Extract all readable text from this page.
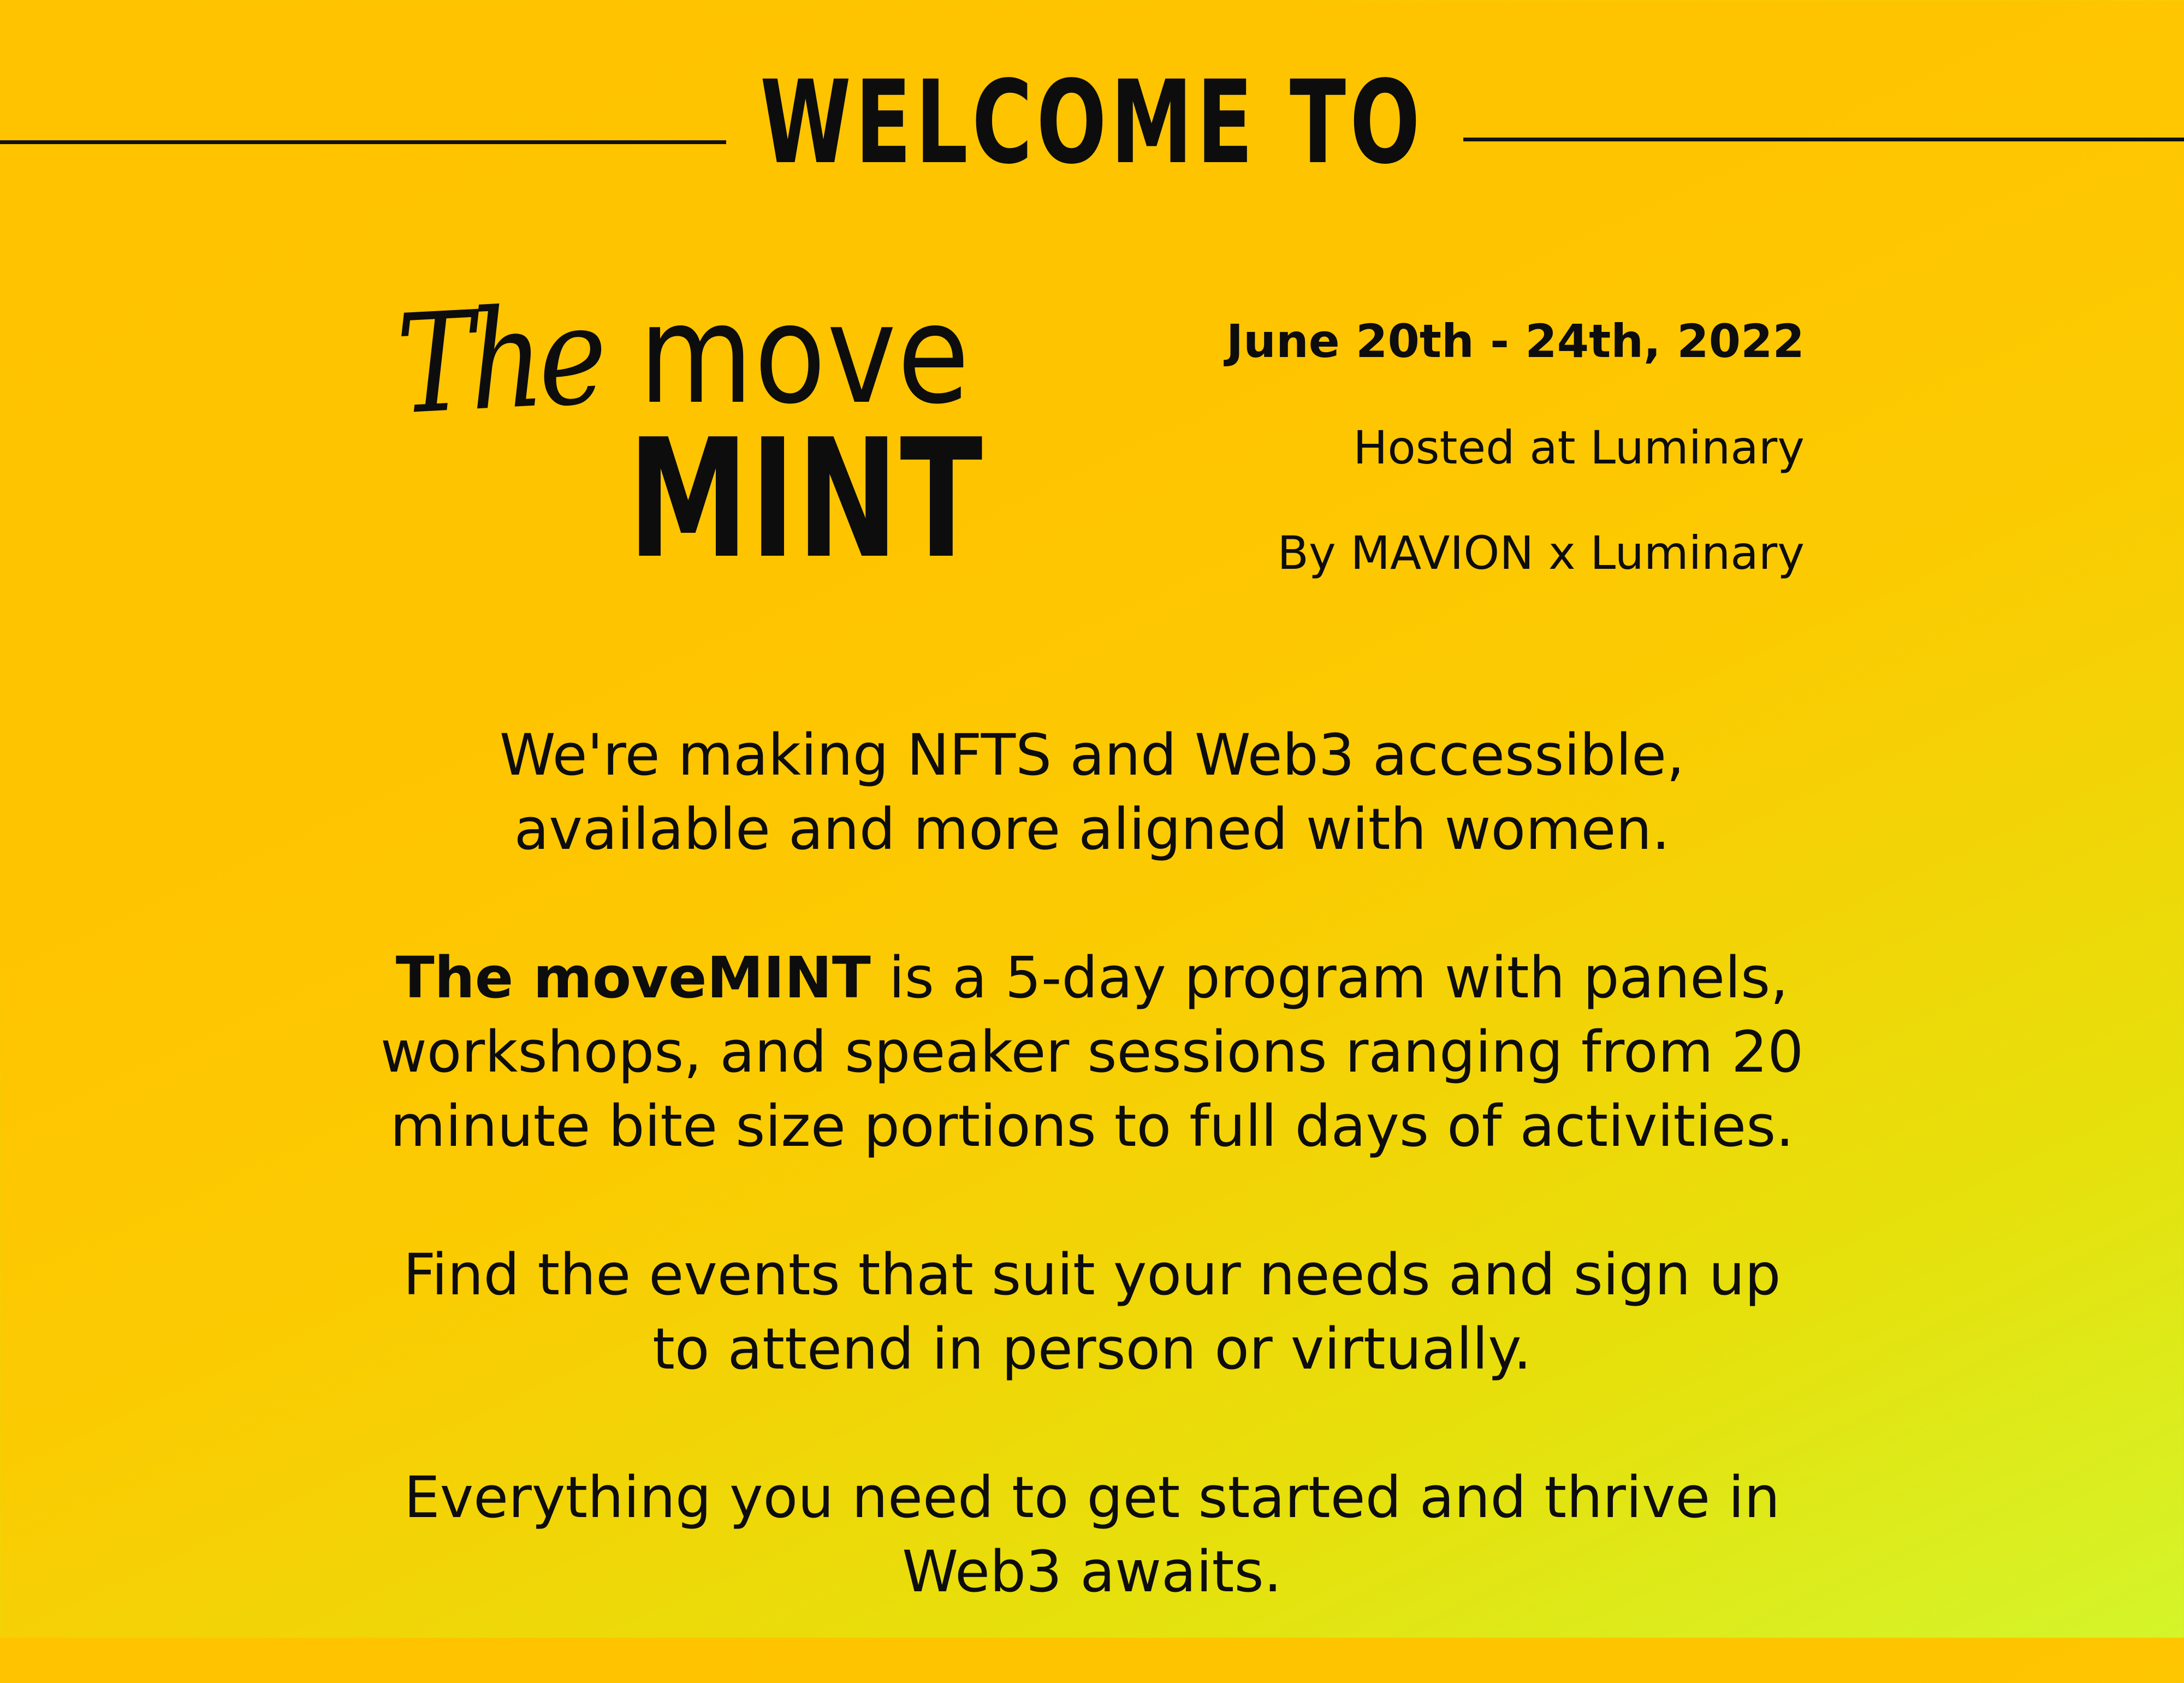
WELCOME TO
The move
MINT
June 20th - 24th, 2022
Hosted at Luminary
By MAVION x Luminary

We're making NFTS and Web3 accessible,
available and more aligned with women.

The moveMINT is a 5-day program with panels,
workshops, and speaker sessions ranging from 20
minute bite size portions to full days of activities.

Find the events that suit your needs and sign up
to attend in person or virtually.

Everything you need to get started and thrive in
Web3 awaits.
